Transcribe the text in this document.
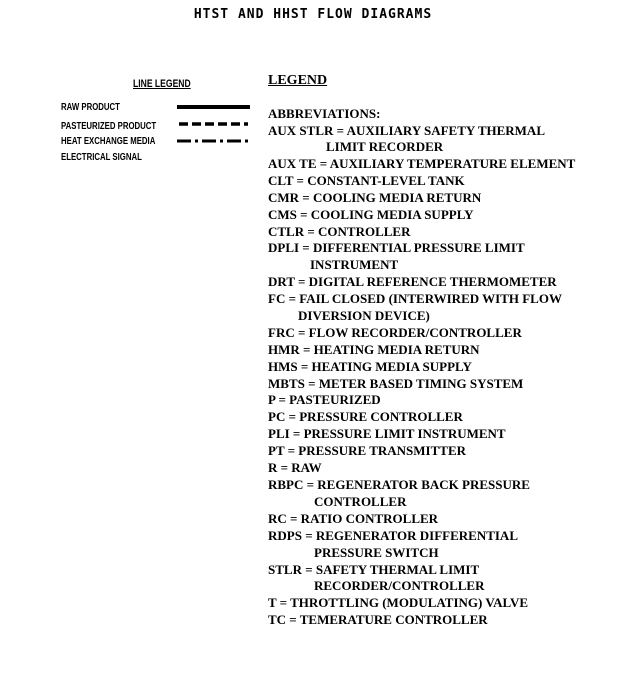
HTST AND HHST FLOW DIAGRAMS
LINE LEGEND
RAW PRODUCT
PASTEURIZED PRODUCT
HEAT EXCHANGE MEDIA
ELECTRICAL SIGNAL
LEGEND
ABBREVIATIONS:
AUX STLR = AUXILIARY SAFETY THERMAL
LIMIT RECORDER
AUX TE = AUXILIARY TEMPERATURE ELEMENT
CLT = CONSTANT-LEVEL TANK
CMR = COOLING MEDIA RETURN
CMS = COOLING MEDIA SUPPLY
CTLR = CONTROLLER
DPLI = DIFFERENTIAL PRESSURE LIMIT
INSTRUMENT
DRT = DIGITAL REFERENCE THERMOMETER
FC = FAIL CLOSED (INTERWIRED WITH FLOW
DIVERSION DEVICE)
FRC = FLOW RECORDER/CONTROLLER
HMR = HEATING MEDIA RETURN
HMS = HEATING MEDIA SUPPLY
MBTS = METER BASED TIMING SYSTEM
P = PASTEURIZED
PC = PRESSURE CONTROLLER
PLI = PRESSURE LIMIT INSTRUMENT
PT = PRESSURE TRANSMITTER
R = RAW
RBPC = REGENERATOR BACK PRESSURE
CONTROLLER
RC = RATIO CONTROLLER
RDPS = REGENERATOR DIFFERENTIAL
PRESSURE SWITCH
STLR = SAFETY THERMAL LIMIT
RECORDER/CONTROLLER
T = THROTTLING (MODULATING) VALVE
TC = TEMERATURE CONTROLLER
